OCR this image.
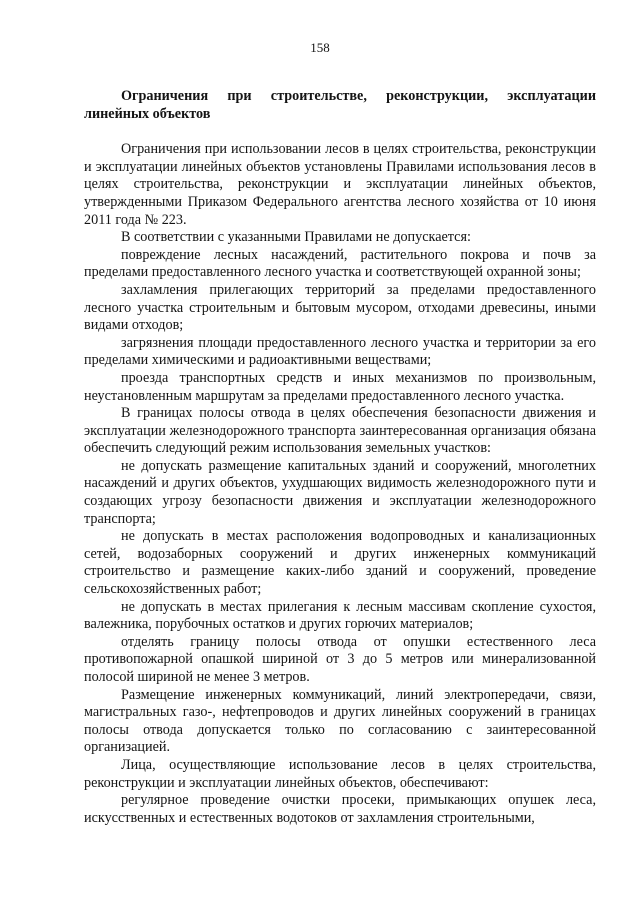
158

Ограничения при строительстве, реконструкции, эксплуатации линейных объектов

Ограничения при использовании лесов в целях строительства, реконструкции и эксплуатации линейных объектов установлены Правилами использования лесов в целях строительства, реконструкции и эксплуатации линейных объектов, утвержденными Приказом Федерального агентства лесного хозяйства от 10 июня 2011 года № 223.

В соответствии с указанными Правилами не допускается:

повреждение лесных насаждений, растительного покрова и почв за пределами предоставленного лесного участка и соответствующей охранной зоны;

захламления прилегающих территорий за пределами предоставленного лесного участка строительным и бытовым мусором, отходами древесины, иными видами отходов;

загрязнения площади предоставленного лесного участка и территории за его пределами химическими и радиоактивными веществами;

проезда транспортных средств и иных механизмов по произвольным, неустановленным маршрутам за пределами предоставленного лесного участка.

В границах полосы отвода в целях обеспечения безопасности движения и эксплуатации железнодорожного транспорта заинтересованная организация обязана обеспечить следующий режим использования земельных участков:

не допускать размещение капитальных зданий и сооружений, многолетних насаждений и других объектов, ухудшающих видимость железнодорожного пути и создающих угрозу безопасности движения и эксплуатации железнодорожного транспорта;

не допускать в местах расположения водопроводных и канализационных сетей, водозаборных сооружений и других инженерных коммуникаций строительство и размещение каких-либо зданий и сооружений, проведение сельскохозяйственных работ;

не допускать в местах прилегания к лесным массивам скопление сухостоя, валежника, порубочных остатков и других горючих материалов;

отделять границу полосы отвода от опушки естественного леса противопожарной опашкой шириной от 3 до 5 метров или минерализованной полосой шириной не менее 3 метров.

Размещение инженерных коммуникаций, линий электропередачи, связи, магистральных газо-, нефтепроводов и других линейных сооружений в границах полосы отвода допускается только по согласованию с заинтересованной организацией.

Лица, осуществляющие использование лесов в целях строительства, реконструкции и эксплуатации линейных объектов, обеспечивают:

регулярное проведение очистки просеки, примыкающих опушек леса, искусственных и естественных водотоков от захламления строительными,
